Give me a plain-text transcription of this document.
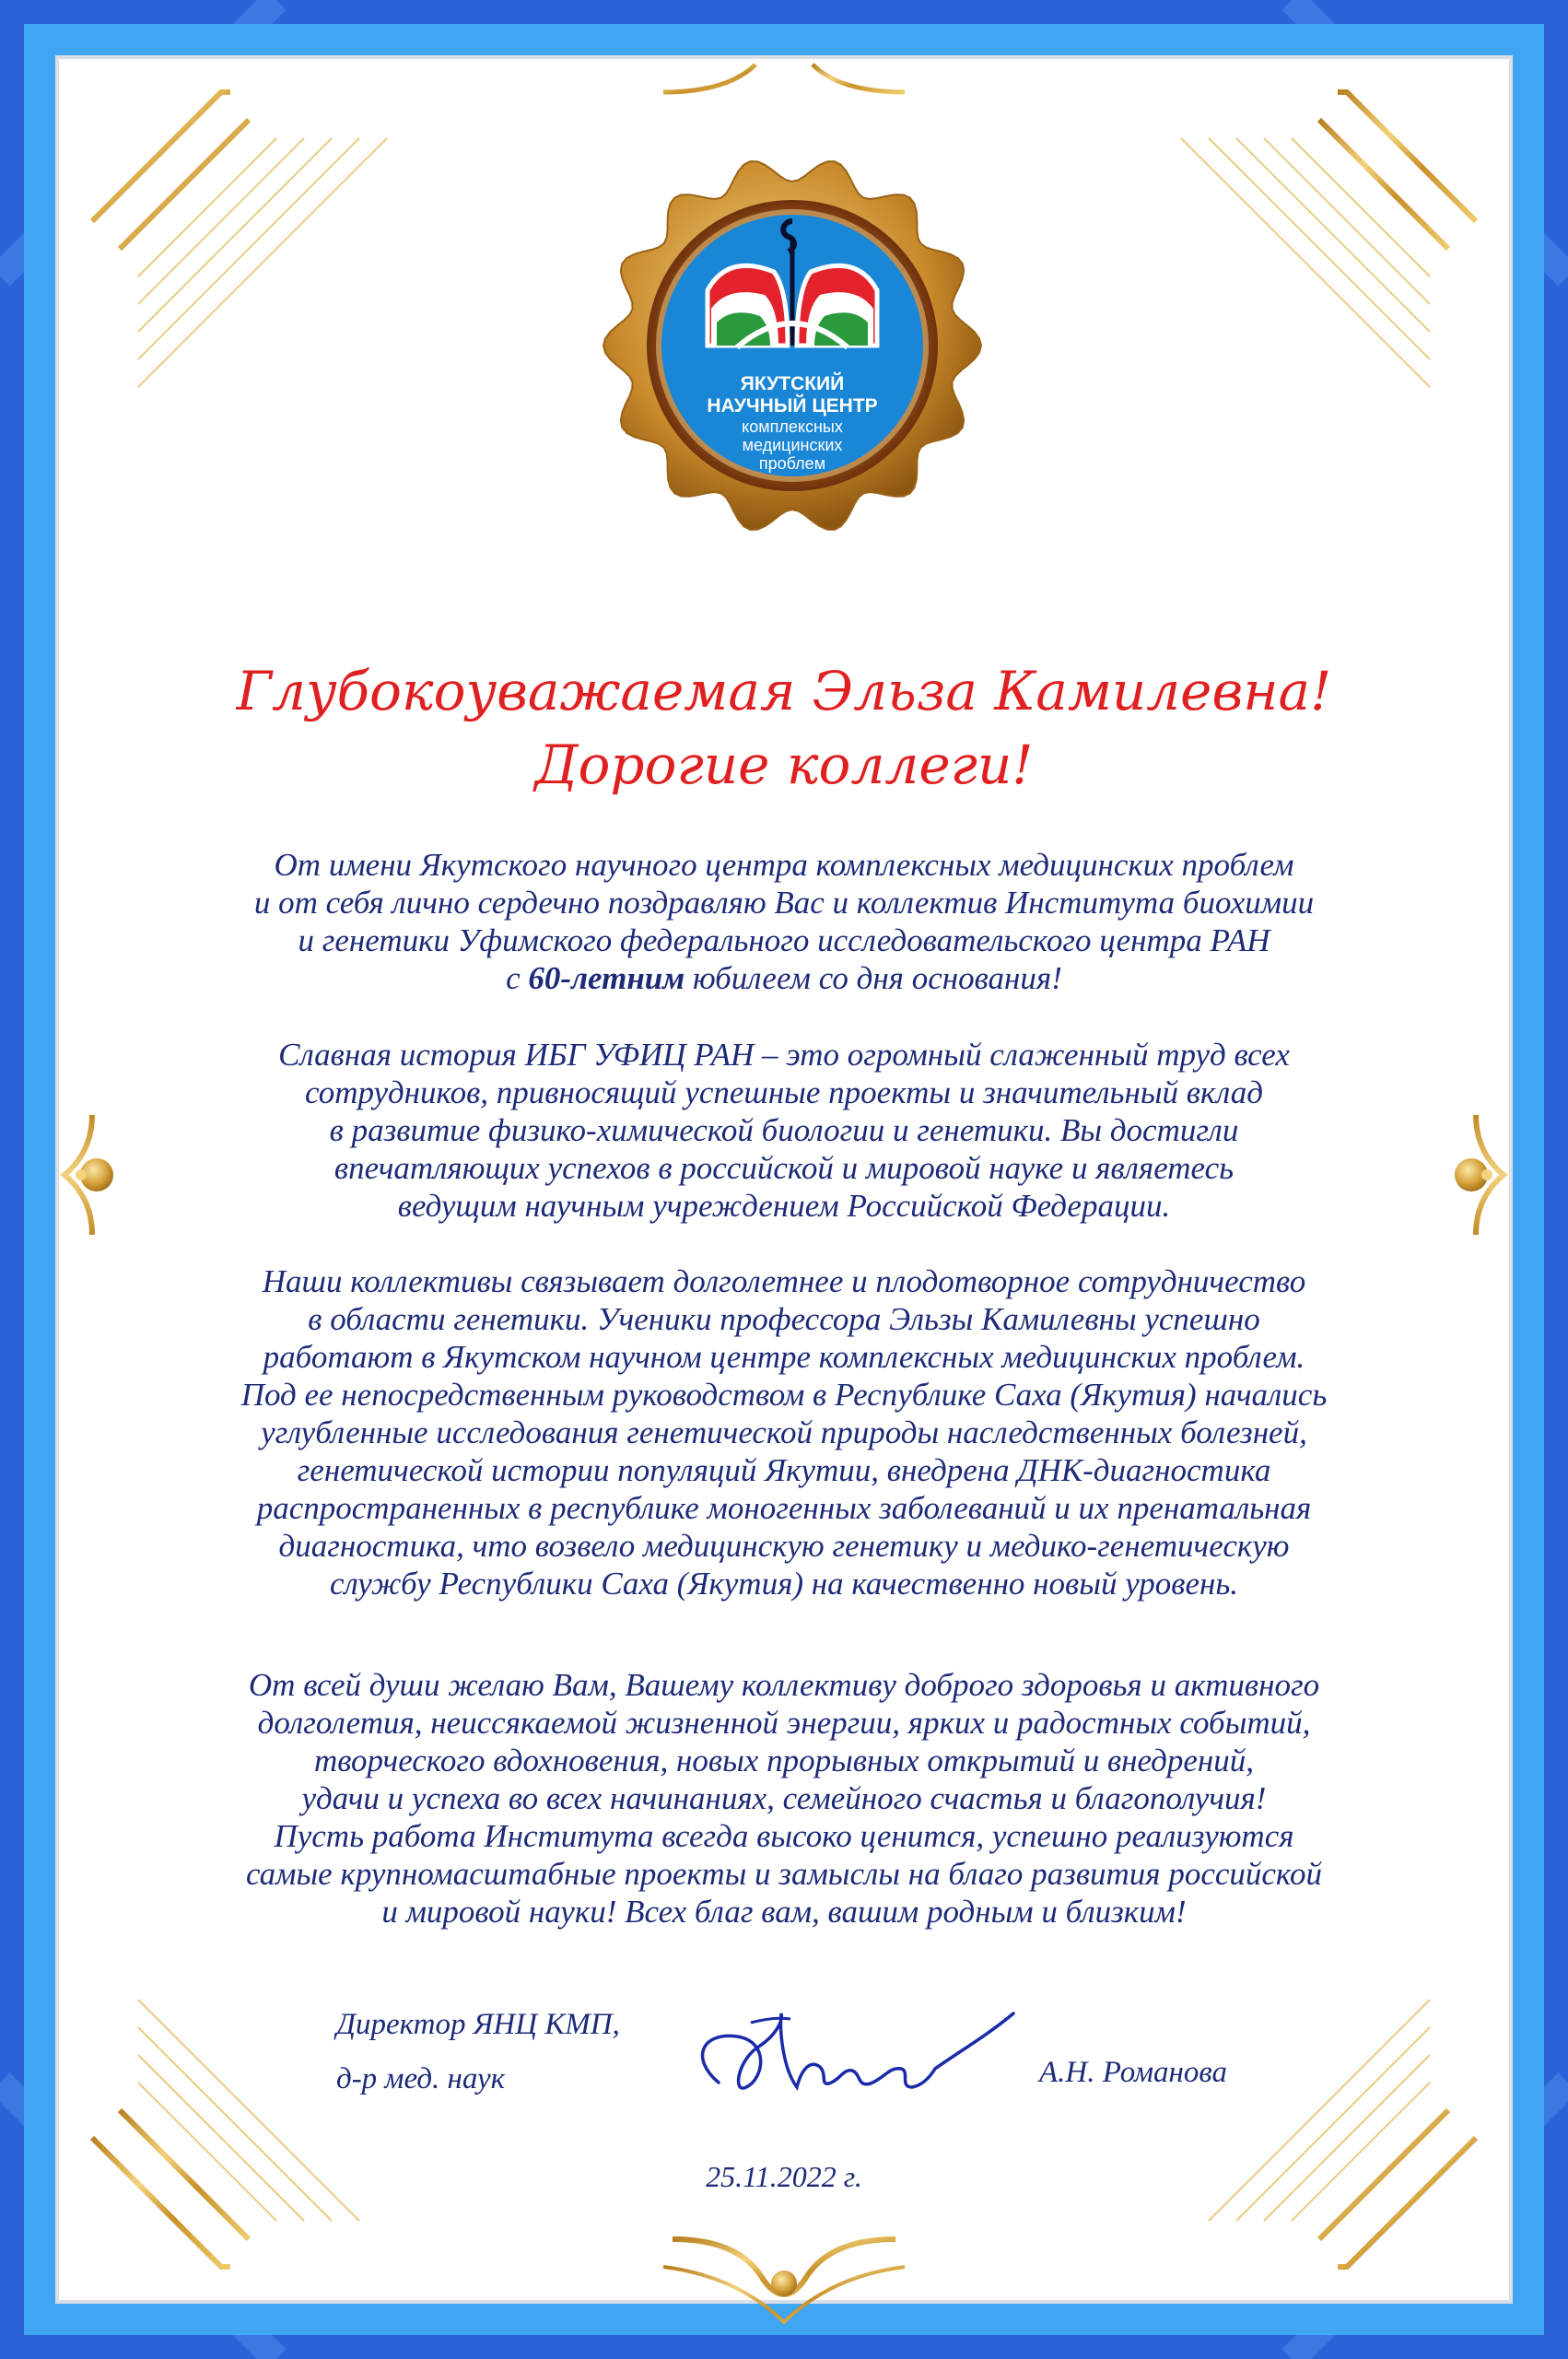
ЯКУТСКИЙ
НАУЧНЫЙ ЦЕНТР
комплексных
медицинских
проблем
Глубокоуважаемая Эльза Камилевна!
Дорогие коллеги!
От имени Якутского научного центра комплексных медицинских проблем
и от себя лично сердечно поздравляю Вас и коллектив Института биохимии
и генетики Уфимского федерального исследовательского центра РАН
с 60-летним юбилеем со дня основания!
Славная история ИБГ УФИЦ РАН – это огромный слаженный труд всех
сотрудников, привносящий успешные проекты и значительный вклад
в развитие физико-химической биологии и генетики. Вы достигли
впечатляющих успехов в российской и мировой науке и являетесь
ведущим научным учреждением Российской Федерации.
Наши коллективы связывает долголетнее и плодотворное сотрудничество
в области генетики. Ученики профессора Эльзы Камилевны успешно
работают в Якутском научном центре комплексных медицинских проблем.
Под ее непосредственным руководством в Республике Саха (Якутия) начались
углубленные исследования генетической природы наследственных болезней,
генетической истории популяций Якутии, внедрена ДНК-диагностика
распространенных в республике моногенных заболеваний и их пренатальная
диагностика, что возвело медицинскую генетику и медико-генетическую
службу Республики Саха (Якутия) на качественно новый уровень.
От всей души желаю Вам, Вашему коллективу доброго здоровья и активного
долголетия, неиссякаемой жизненной энергии, ярких и радостных событий,
творческого вдохновения, новых прорывных открытий и внедрений,
удачи и успеха во всех начинаниях, семейного счастья и благополучия!
Пусть работа Института всегда высоко ценится, успешно реализуются
самые крупномасштабные проекты и замыслы на благо развития российской
и мировой науки! Всех благ вам, вашим родным и близким!
Директор ЯНЦ КМП,
д-р мед. наук	А.Н. Романова
25.11.2022 г.
